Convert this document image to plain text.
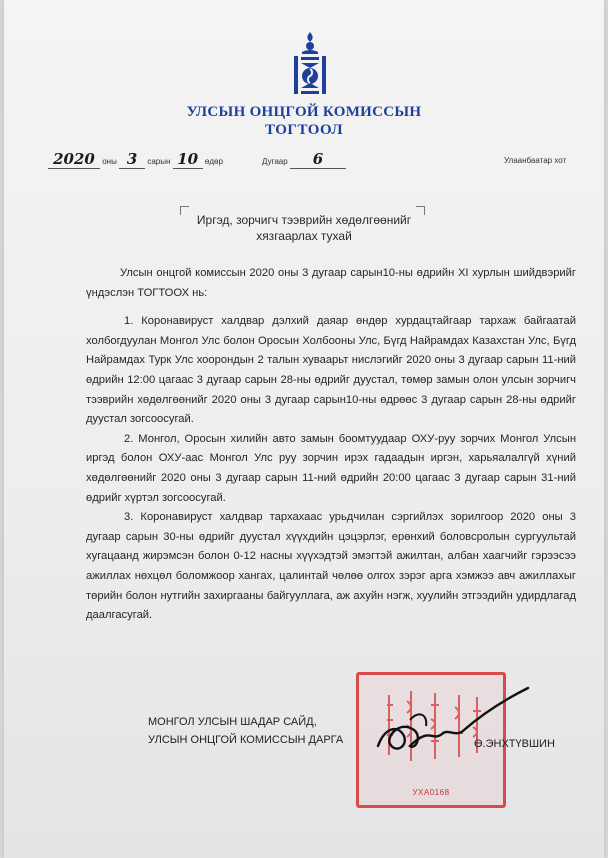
УЛСЫН ОНЦГОЙ КОМИССЫН
ТОГТООЛ
2020 оны 3 сарын 10 өдөр	Дугаар 6	Улаанбаатар хот
Иргэд, зорчигч тээврийн хөдөлгөөнийг
хязгаарлах тухай

Улсын онцгой комиссын 2020 оны 3 дугаар сарын10-ны өдрийн XI хурлын шийдвэрийг үндэслэн ТОГТООХ нь:

1. Коронавируст халдвар дэлхий даяар өндөр хурдацтайгаар тархаж байгаатай холбогдуулан Монгол Улс болон Оросын Холбооны Улс, Бүгд Найрамдах Казахстан Улс, Бүгд Найрамдах Турк Улс хоорондын 2 талын хуваарьт нислэгийг 2020 оны 3 дугаар сарын 11-ний өдрийн 12:00 цагаас 3 дугаар сарын 28-ны өдрийг дуустал, төмөр замын олон улсын зорчигч тээврийн хөдөлгөөнийг 2020 оны 3 дугаар сарын10-ны өдрөөс 3 дугаар сарын 28-ны өдрийг дуустал зогсоосугай.

2. Монгол, Оросын хилийн авто замын боомтуудаар ОХУ-руу зорчих Монгол Улсын иргэд болон ОХУ-аас Монгол Улс руу зорчин ирэх гадаадын иргэн, харьяалалгүй хүний хөдөлгөөнийг 2020 оны 3 дугаар сарын 11-ний өдрийн 20:00 цагаас 3 дугаар сарын 31-ний өдрийг хүртэл зогсоосугай.

3. Коронавируст халдвар тархахаас урьдчилан сэргийлэх зорилгоор 2020 оны 3 дугаар сарын 30-ны өдрийг дуустал хүүхдийн цэцэрлэг, ерөнхий боловсролын сургуультай хугацаанд жирэмсэн болон 0-12 насны хүүхэдтэй эмэгтэй ажилтан, албан хаагчийг гэрээсээ ажиллах нөхцөл боломжоор хангах, цалинтай чөлөө олгох зэрэг арга хэмжээ авч ажиллахыг төрийн болон нутгийн захиргааны байгууллага, аж ахуйн нэгж, хуулийн этгээдийн удирдлагад даалгасугай.

УХА0168
МОНГОЛ УЛСЫН ШАДАР САЙД,
УЛСЫН ОНЦГОЙ КОМИССЫН ДАРГА	Ө.ЭНХТҮВШИН
